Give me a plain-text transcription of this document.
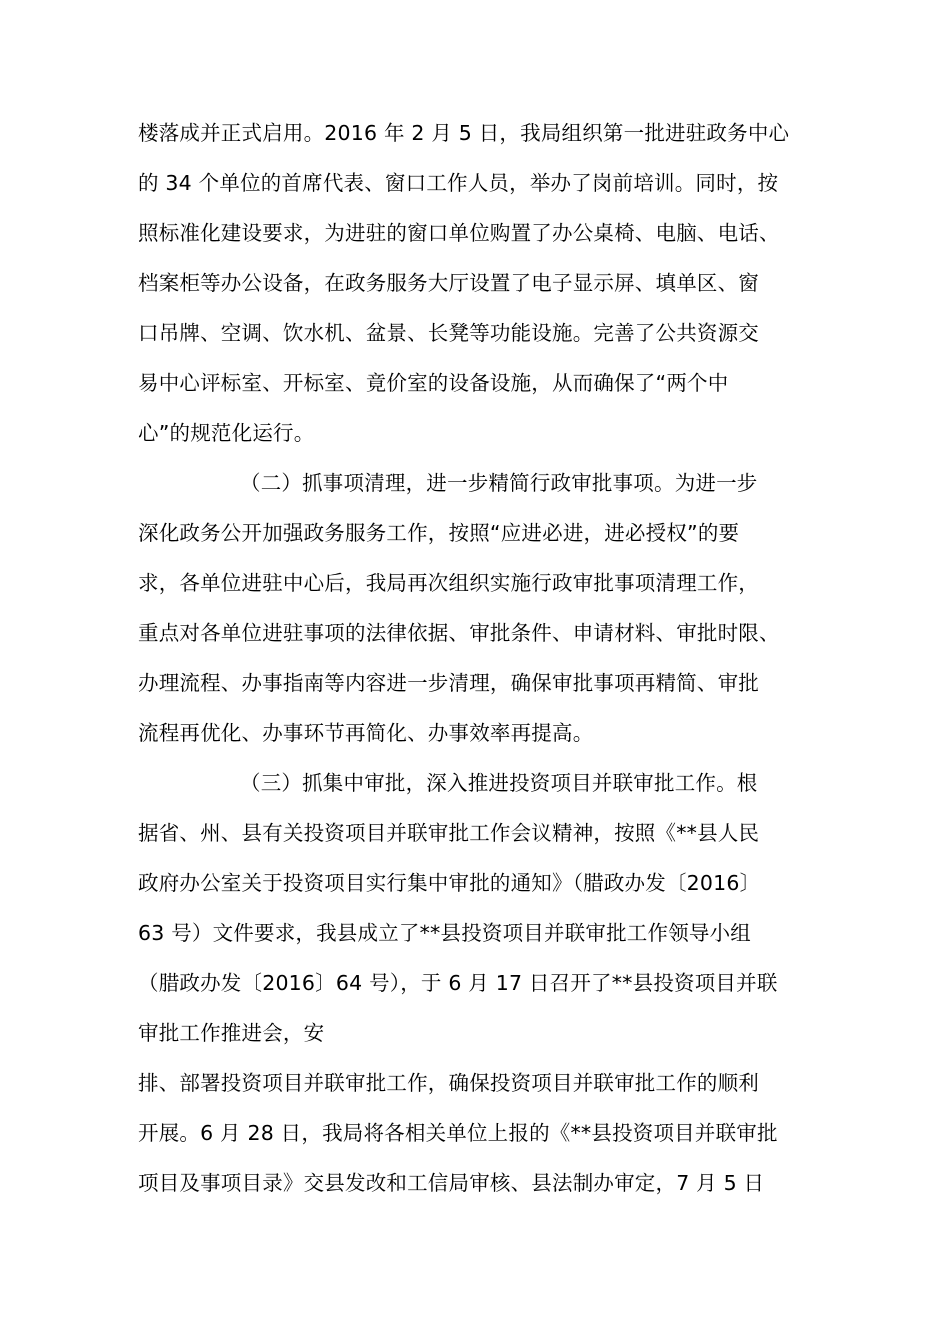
楼落成并正式启用。2016 年 2 月 5 日，我局组织第一批进驻政务中心

的 34 个单位的首席代表、窗口工作人员，举办了岗前培训。同时，按

照标准化建设要求，为进驻的窗口单位购置了办公桌椅、电脑、电话、

档案柜等办公设备，在政务服务大厅设置了电子显示屏、填单区、窗

口吊牌、空调、饮水机、盆景、长凳等功能设施。完善了公共资源交

易中心评标室、开标室、竟价室的设备设施，从而确保了“两个中

心”的规范化运行。

（二）抓事项清理，进一步精简行政审批事项。为进一步

深化政务公开加强政务服务工作，按照“应进必进，进必授权”的要

求，各单位进驻中心后，我局再次组织实施行政审批事项清理工作，

重点对各单位进驻事项的法律依据、审批条件、申请材料、审批时限、

办理流程、办事指南等内容进一步清理，确保审批事项再精简、审批

流程再优化、办事环节再简化、办事效率再提高。

（三）抓集中审批，深入推进投资项目并联审批工作。根

据省、州、县有关投资项目并联审批工作会议精神，按照《**县人民

政府办公室关于投资项目实行集中审批的通知》（腊政办发〔2016〕

63 号）文件要求，我县成立了**县投资项目并联审批工作领导小组

（腊政办发〔2016〕64 号），于 6 月 17 日召开了**县投资项目并联

审批工作推进会，安

排、部署投资项目并联审批工作，确保投资项目并联审批工作的顺利

开展。6 月 28 日，我局将各相关单位上报的《**县投资项目并联审批

项目及事项目录》交县发改和工信局审核、县法制办审定，7 月 5 日
